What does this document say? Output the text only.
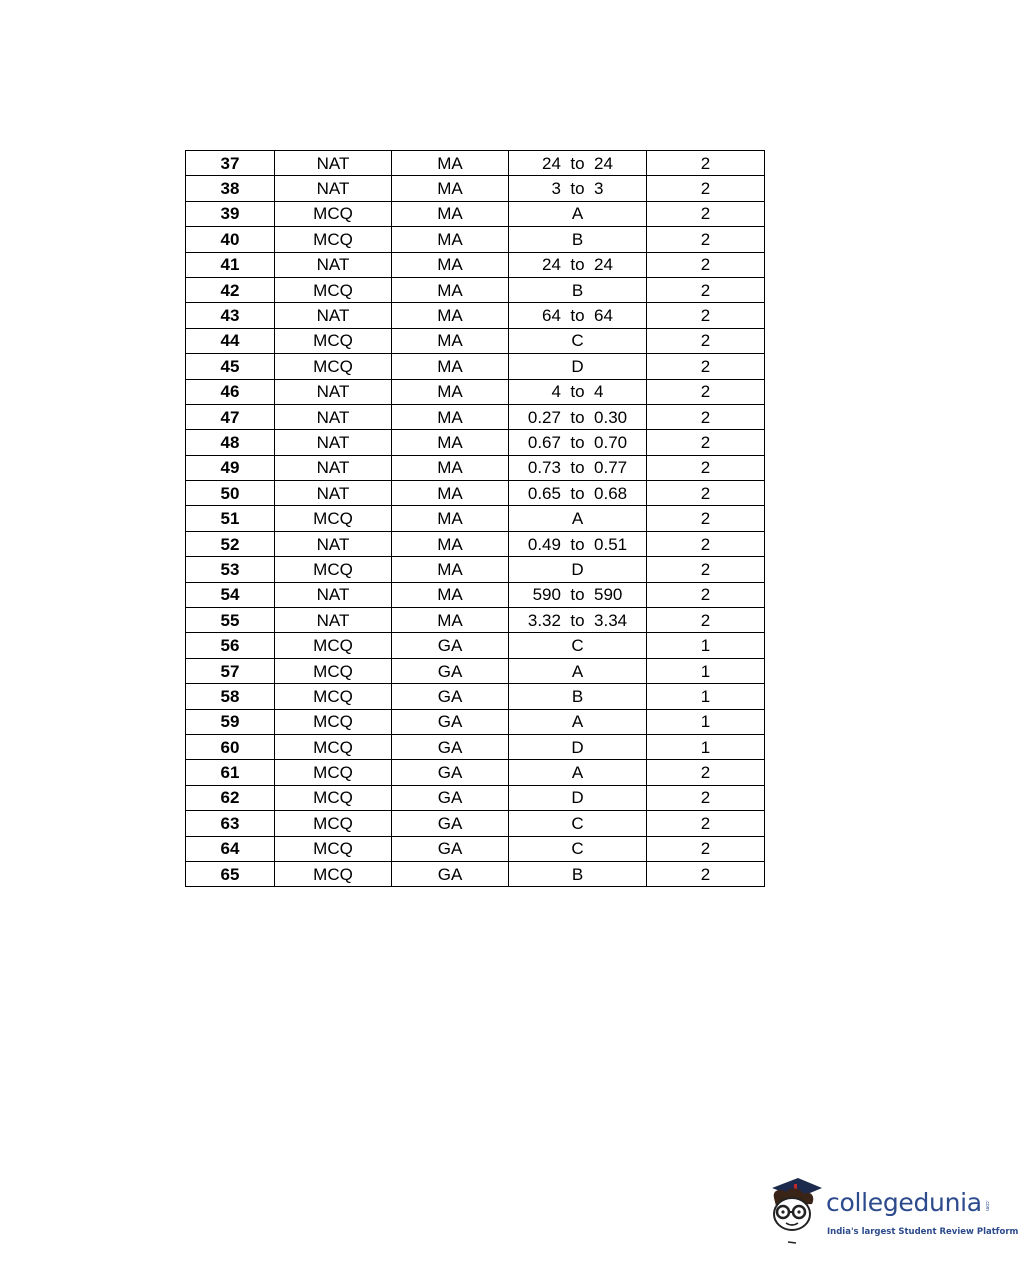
37	NAT	MA	24  to  24	2
38	NAT	MA	3  to  3	2
39	MCQ	MA	A	2
40	MCQ	MA	B	2
41	NAT	MA	24  to  24	2
42	MCQ	MA	B	2
43	NAT	MA	64  to  64	2
44	MCQ	MA	C	2
45	MCQ	MA	D	2
46	NAT	MA	4  to  4	2
47	NAT	MA	0.27  to  0.30	2
48	NAT	MA	0.67  to  0.70	2
49	NAT	MA	0.73  to  0.77	2
50	NAT	MA	0.65  to  0.68	2
51	MCQ	MA	A	2
52	NAT	MA	0.49  to  0.51	2
53	MCQ	MA	D	2
54	NAT	MA	590  to  590	2
55	NAT	MA	3.32  to  3.34	2
56	MCQ	GA	C	1
57	MCQ	GA	A	1
58	MCQ	GA	B	1
59	MCQ	GA	A	1
60	MCQ	GA	D	1
61	MCQ	GA	A	2
62	MCQ	GA	D	2
63	MCQ	GA	C	2
64	MCQ	GA	C	2
65	MCQ	GA	B	2
collegedunia .com
India's largest Student Review Platform
